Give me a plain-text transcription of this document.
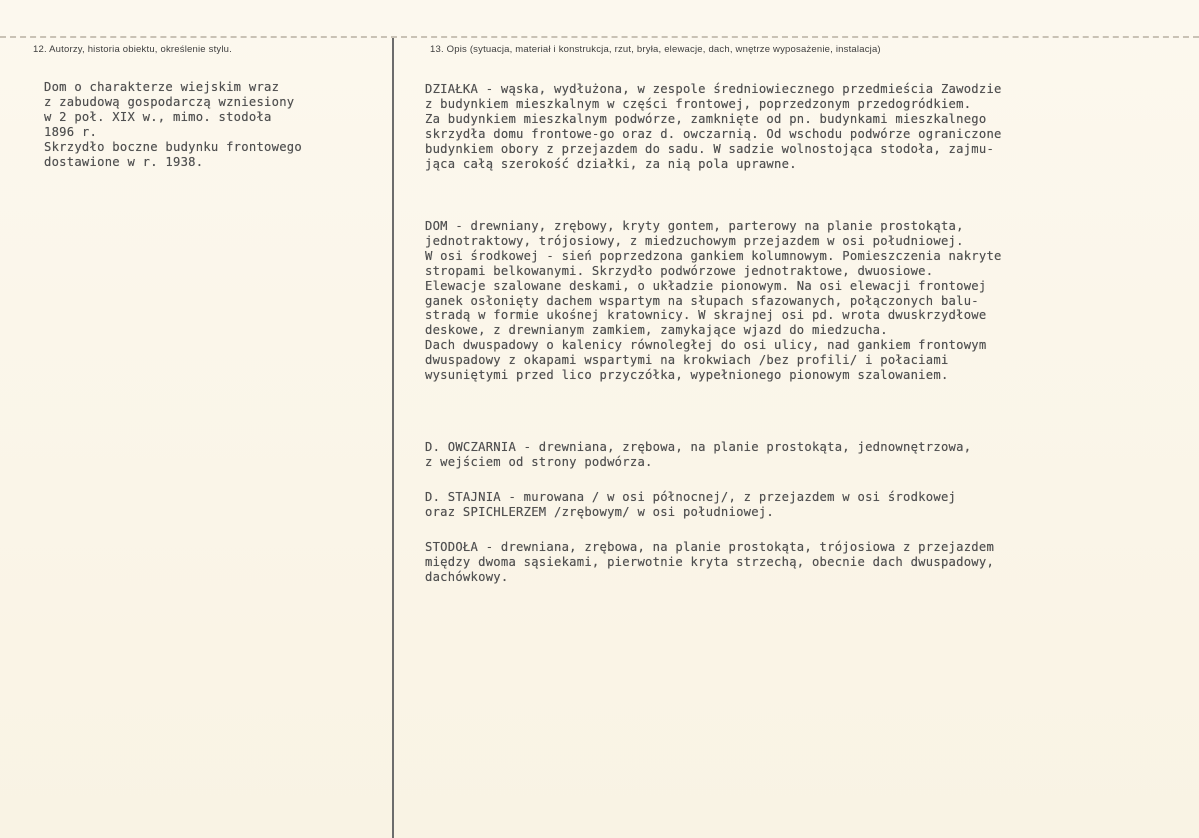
12. Autorzy, historia obiektu, określenie stylu.	13. Opis (sytuacja, materiał i konstrukcja, rzut, bryła, elewacje, dach, wnętrze wyposażenie, instalacja)
Dom o charakterze wiejskim wraz
z zabudową gospodarczą wzniesiony
w 2 poł. XIX w., mimo. stodoła
1896 r.
Skrzydło boczne budynku frontowego
dostawione w r. 1938.
DZIAŁKA - wąska, wydłużona, w zespole średniowiecznego przedmieścia Zawodzie
z budynkiem mieszkalnym w części frontowej, poprzedzonym przedogródkiem.
Za budynkiem mieszkalnym podwórze, zamknięte od pn. budynkami mieszkalnego
skrzydła domu frontowe-go oraz d. owczarnią. Od wschodu podwórze ograniczone
budynkiem obory z przejazdem do sadu. W sadzie wolnostojąca stodoła, zajmu-
jąca całą szerokość działki, za nią pola uprawne.
DOM - drewniany, zrębowy, kryty gontem, parterowy na planie prostokąta,
jednotraktowy, trójosiowy, z miedzuchowym przejazdem w osi południowej.
W osi środkowej - sień poprzedzona gankiem kolumnowym. Pomieszczenia nakryte
stropami belkowanymi. Skrzydło podwórzowe jednotraktowe, dwuosiowe.
Elewacje szalowane deskami, o układzie pionowym. Na osi elewacji frontowej
ganek osłonięty dachem wspartym na słupach sfazowanych, połączonych balu-
stradą w formie ukośnej kratownicy. W skrajnej osi pd. wrota dwuskrzydłowe
deskowe, z drewnianym zamkiem, zamykające wjazd do miedzucha.
Dach dwuspadowy o kalenicy równoległej do osi ulicy, nad gankiem frontowym
dwuspadowy z okapami wspartymi na krokwiach /bez profili/ i połaciami
wysuniętymi przed lico przyczółka, wypełnionego pionowym szalowaniem.
D. OWCZARNIA - drewniana, zrębowa, na planie prostokąta, jednownętrzowa,
z wejściem od strony podwórza.
D. STAJNIA - murowana / w osi północnej/, z przejazdem w osi środkowej
oraz SPICHLERZEM /zrębowym/ w osi południowej.
STODOŁA - drewniana, zrębowa, na planie prostokąta, trójosiowa z przejazdem
między dwoma sąsiekami, pierwotnie kryta strzechą, obecnie dach dwuspadowy,
dachówkowy.
